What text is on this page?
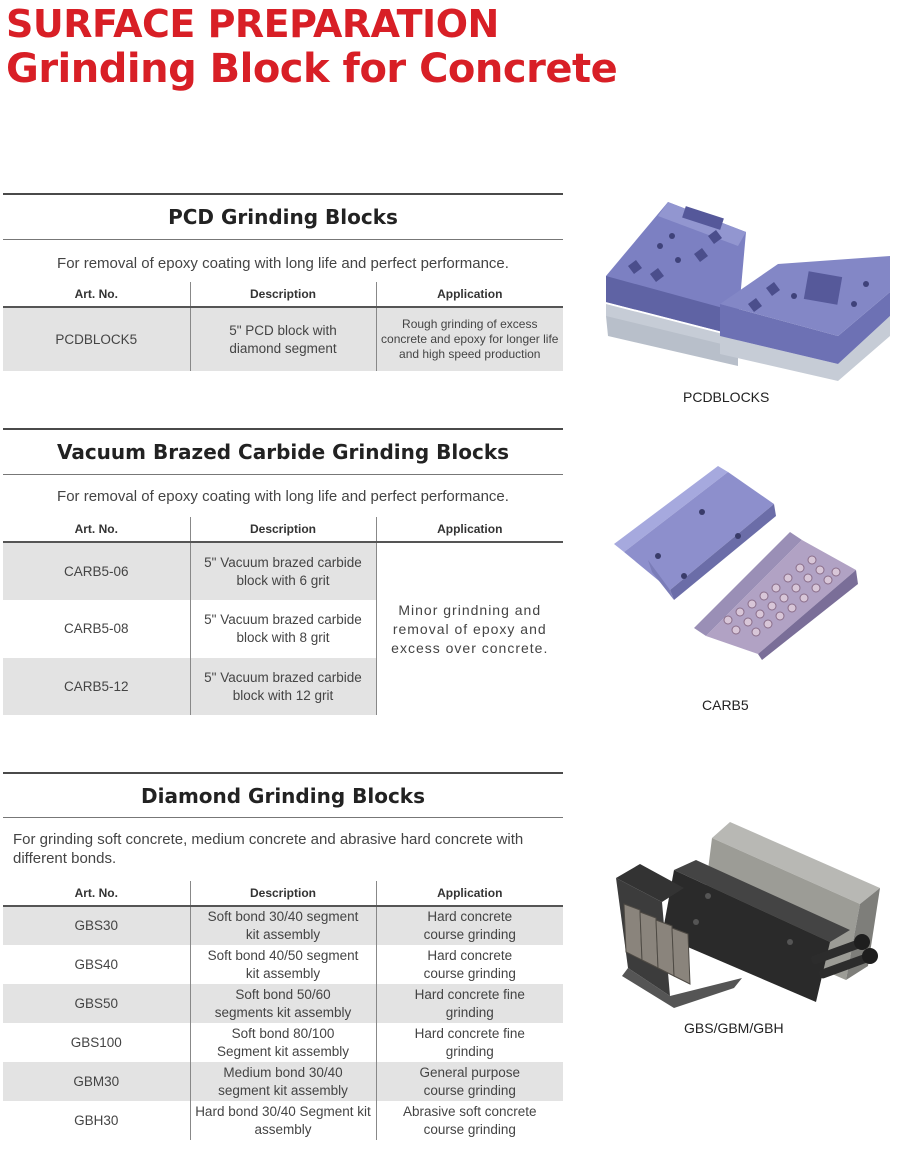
SURFACE PREPARATION
Grinding Block for Concrete
PCD Grinding Blocks
For removal of epoxy coating with long life and perfect performance.
Art. No.	Description	Application
PCDBLOCK5	5" PCD block with diamond segment	Rough grinding of excess concrete and epoxy for longer life and high speed production
Vacuum Brazed Carbide Grinding Blocks
For removal of epoxy coating with long life and perfect performance.
Art. No.	Description	Application
CARB5-06	5" Vacuum brazed carbide block with 6 grit	Minor grindning and removal of epoxy and excess over concrete.
CARB5-08	5" Vacuum brazed carbide block with 8 grit	
CARB5-12	5" Vacuum brazed carbide block with 12 grit	
Diamond Grinding Blocks
For grinding soft concrete, medium concrete and abrasive hard concrete with different bonds.
Art. No.	Description	Application
GBS30	Soft bond 30/40 segment kit assembly	Hard concrete course grinding
GBS40	Soft bond 40/50 segment kit assembly	Hard concrete course grinding
GBS50	Soft bond 50/60 segments kit assembly	Hard concrete fine grinding
GBS100	Soft bond 80/100 Segment kit assembly	Hard concrete fine grinding
GBM30	Medium bond 30/40 segment kit assembly	General purpose course grinding
GBH30	Hard bond 30/40 Segment kit assembly	Abrasive soft concrete course grinding
PCDBLOCKS
CARB5
GBS/GBM/GBH
